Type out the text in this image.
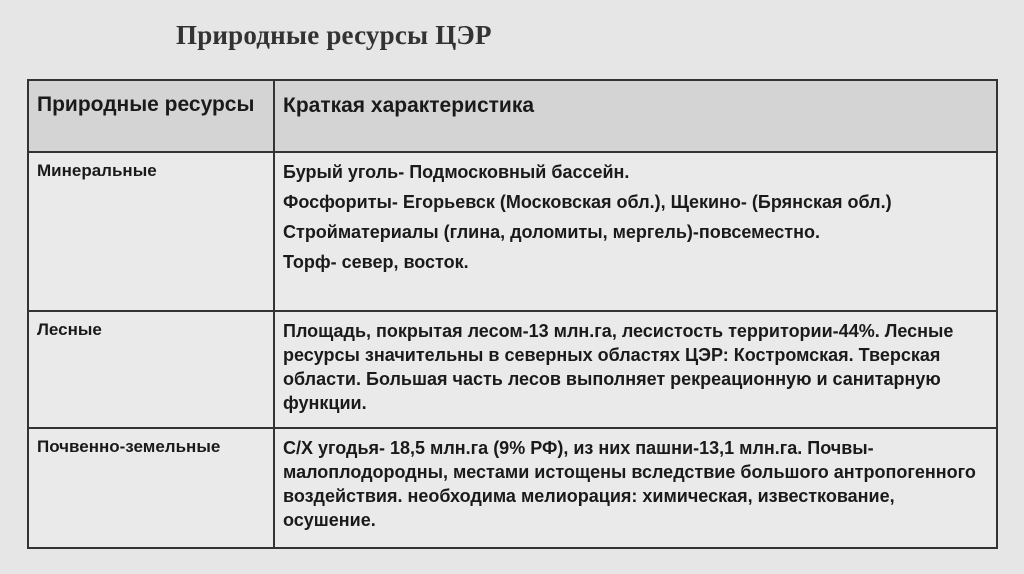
Природные ресурсы ЦЭР
Природные ресурсы	Краткая характеристика

Минеральные	Бурый уголь- Подмосковный бассейн.
Фосфориты- Егорьевск (Московская обл.), Щекино- (Брянская обл.)
Стройматериалы (глина, доломиты, мергель)-повсеместно.
Торф- север, восток.

Лесные	Площадь, покрытая лесом-13 млн.га, лесистость территории-44%. Лесные ресурсы значительны в северных областях ЦЭР: Костромская. Тверская области. Большая часть лесов выполняет рекреационную и санитарную функции.

Почвенно-земельные	С/Х угодья- 18,5 млн.га (9% РФ), из них пашни-13,1 млн.га. Почвы- малоплодородны, местами истощены вследствие большого антропогенного воздействия. необходима мелиорация: химическая, известкование, осушение.
